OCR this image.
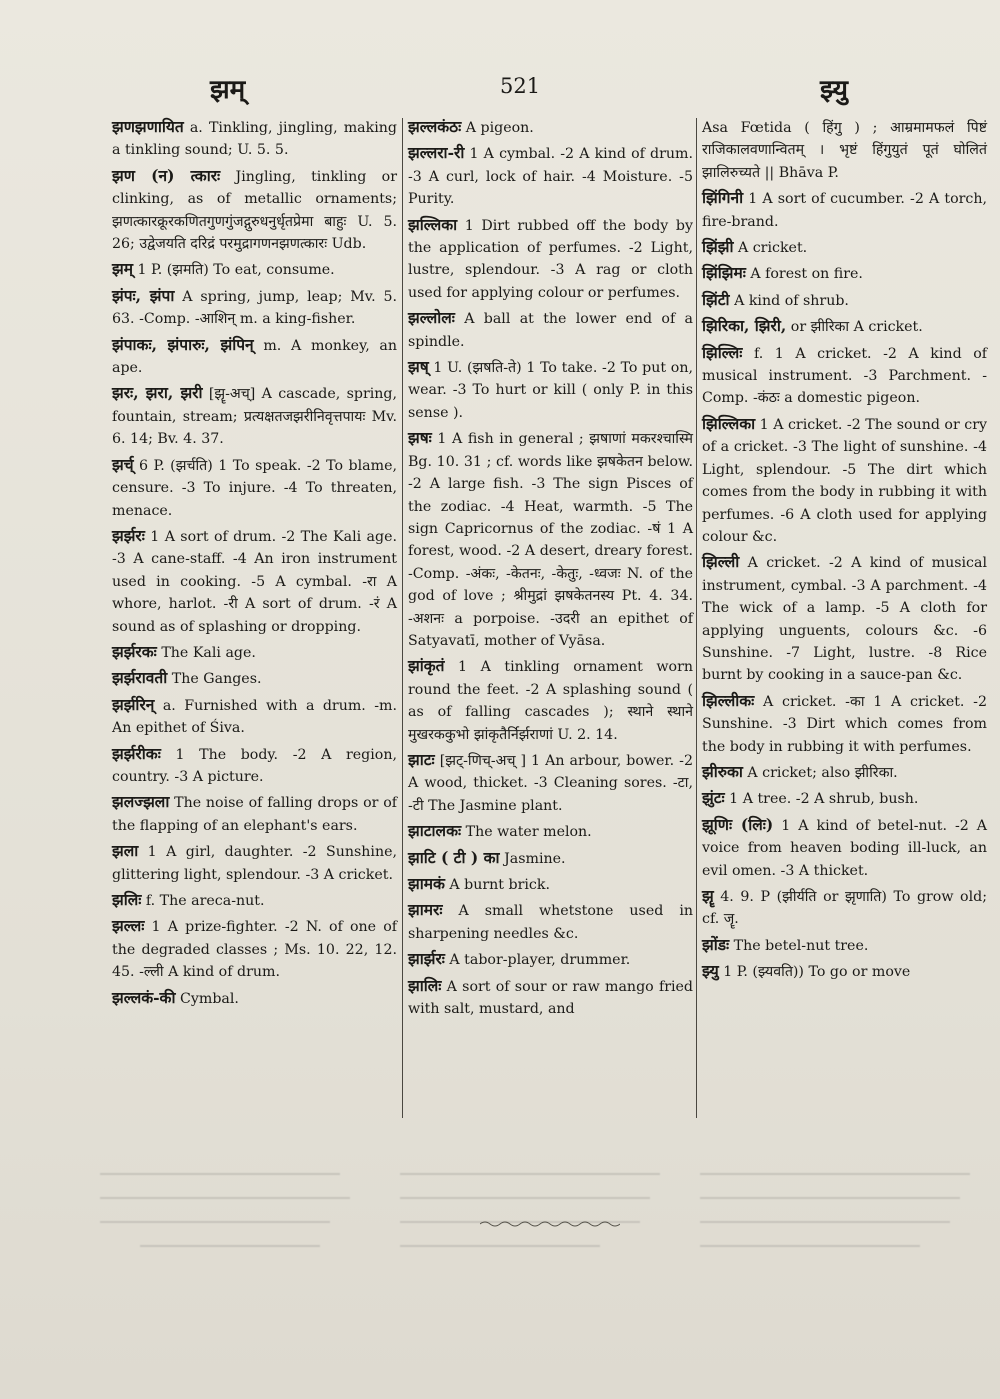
झम्	521	झ्यु

झणझणायित a. Tinkling, jingling, making a tinkling sound; U. 5. 5.

झण (न) त्कारः Jingling, tinkling or clinking, as of metallic ornaments; झणत्कारक्रूरकणितगुणगुंजद्गुरुधनुर्धृतप्रेमा बाहुः U. 5. 26; उद्वेजयति दरिद्रं परमुद्रागणनझणत्कारः Udb.

झम् 1 P. (झमति) To eat, consume.

झंपः, झंपा A spring, jump, leap; Mv. 5. 63. -Comp. -आशिन् m. a king-fisher.

झंपाकः, झंपारुः, झंपिन् m. A monkey, an ape.

झरः, झरा, झरी [झॄ-अच्] A cascade, spring, fountain, stream; प्रत्यक्षतजझरीनिवृत्तपायः Mv. 6. 14; Bv. 4. 37.

झर्च् 6 P. (झर्चति) 1 To speak. -2 To blame, censure. -3 To injure. -4 To threaten, menace.

झर्झरः 1 A sort of drum. -2 The Kali age. -3 A cane-staff. -4 An iron instrument used in cooking. -5 A cymbal. -रा A whore, harlot. -री A sort of drum. -रं A sound as of splashing or dropping.

झर्झरकः The Kali age.

झर्झरावती The Ganges.

झर्झरिन् a. Furnished with a drum. -m. An epithet of Śiva.

झर्झरीकः 1 The body. -2 A region, country. -3 A picture.

झलज्झला The noise of falling drops or of the flapping of an elephant's ears.

झला 1 A girl, daughter. -2 Sunshine, glittering light, splendour. -3 A cricket.

झलिः f. The areca-nut.

झल्लः 1 A prize-fighter. -2 N. of one of the degraded classes ; Ms. 10. 22, 12. 45. -ल्ली A kind of drum.

झल्लकं-की Cymbal.

झल्लकंठः A pigeon.

झल्लरा-री 1 A cymbal. -2 A kind of drum. -3 A curl, lock of hair. -4 Moisture. -5 Purity.

झल्लिका 1 Dirt rubbed off the body by the application of perfumes. -2 Light, lustre, splendour. -3 A rag or cloth used for applying colour or perfumes.

झल्लोलः A ball at the lower end of a spindle.

झष् 1 U. (झषति-ते) 1 To take. -2 To put on, wear. -3 To hurt or kill ( only P. in this sense ).

झषः 1 A fish in general ; झषाणां मकरश्चास्मि Bg. 10. 31 ; cf. words like झषकेतन below. -2 A large fish. -3 The sign Pisces of the zodiac. -4 Heat, warmth. -5 The sign Capricornus of the zodiac. -षं 1 A forest, wood. -2 A desert, dreary forest. -Comp. -अंकः, -केतनः, -केतुः, -ध्वजः N. of the god of love ; श्रीमुद्रां झषकेतनस्य Pt. 4. 34. -अशनः a porpoise. -उदरी an epithet of Satyavatī, mother of Vyāsa.

झांकृतं 1 A tinkling ornament worn round the feet. -2 A splashing sound ( as of falling cascades ); स्थाने स्थाने मुखरककुभो झांकृतैर्निर्झराणां U. 2. 14.

झाटः [झट्-णिच्-अच् ] 1 An arbour, bower. -2 A wood, thicket. -3 Cleaning sores. -टा, -टी The Jasmine plant.

झाटालकः The water melon.

झाटि ( टी ) का Jasmine.

झामकं A burnt brick.

झामरः A small whetstone used in sharpening needles &c.

झार्झरः A tabor-player, drummer.

झालिः A sort of sour or raw mango fried with salt, mustard, and

Asa Fœtida ( हिंगु ) ; आम्रमामफलं पिष्टं राजिकालवणान्वितम् । भृष्टं हिंगुयुतं पूतं घोलितं झालिरुच्यते || Bhāva P.

झिंगिनी 1 A sort of cucumber. -2 A torch, fire-brand.

झिंझी A cricket.

झिंझिमः A forest on fire.

झिंटी A kind of shrub.

झिरिका, झिरी, or झीरिका A cricket.

झिल्लिः f. 1 A cricket. -2 A kind of musical instrument. -3 Parchment. -Comp. -कंठः a domestic pigeon.

झिल्लिका 1 A cricket. -2 The sound or cry of a cricket. -3 The light of sunshine. -4 Light, splendour. -5 The dirt which comes from the body in rubbing it with perfumes. -6 A cloth used for applying colour &c.

झिल्ली A cricket. -2 A kind of musical instrument, cymbal. -3 A parchment. -4 The wick of a lamp. -5 A cloth for applying unguents, colours &c. -6 Sunshine. -7 Light, lustre. -8 Rice burnt by cooking in a sauce-pan &c.

झिल्लीकः A cricket. -का 1 A cricket. -2 Sunshine. -3 Dirt which comes from the body in rubbing it with perfumes.

झीरुका A cricket; also झीरिका.

झुंटः 1 A tree. -2 A shrub, bush.

झूणिः (लिः) 1 A kind of betel-nut. -2 A voice from heaven boding ill-luck, an evil omen. -3 A thicket.

झॄ 4. 9. P (झीर्यति or झृणाति) To grow old; cf. जॄ.

झोंडः The betel-nut tree.

झ्यु 1 P. (झ्यवति)) To go or move
